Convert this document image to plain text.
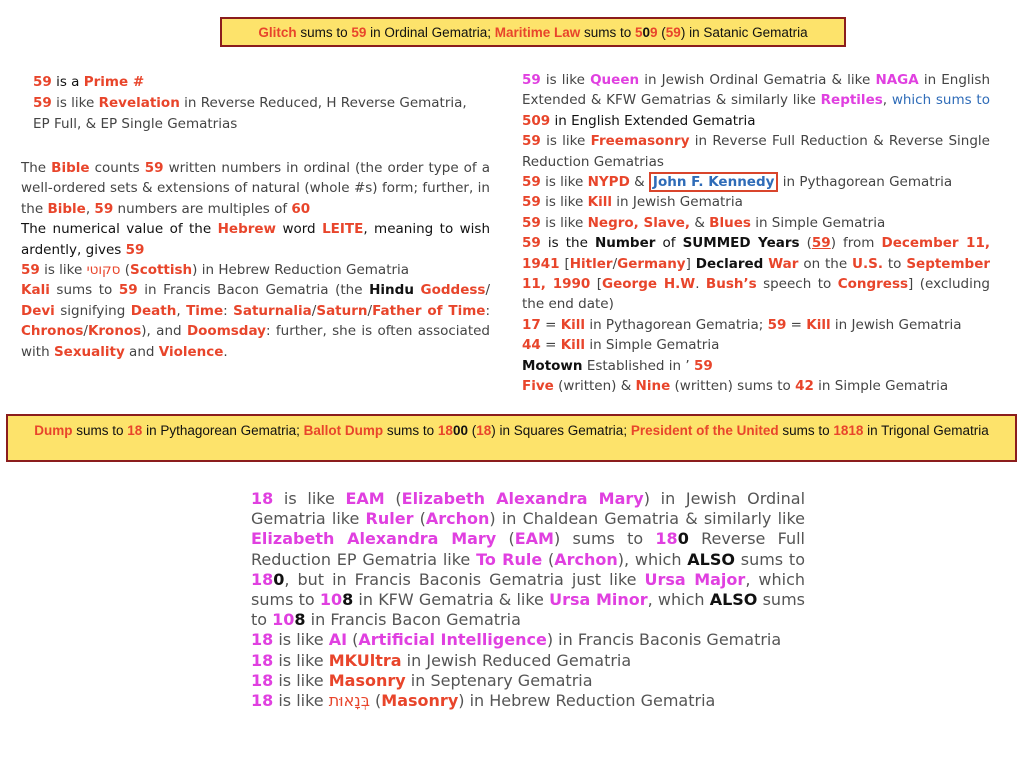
Glitch sums to 59 in Ordinal Gematria; Maritime Law sums to 509 (59) in Satanic Gematria

59 is a Prime #

59 is like Revelation in Reverse Reduced, H Reverse Gematria,

EP Full, & EP Single Gematrias

The Bible counts 59 written numbers in ordinal (the order type of a well-ordered sets & extensions of natural (whole #s) form; further, in the Bible, 59 numbers are multiples of 60

The numerical value of the Hebrew word LEITE, meaning to wish ardently, gives 59

59 is like סקוטי (Scottish) in Hebrew Reduction Gematria

Kali sums to 59 in Francis Bacon Gematria (the Hindu Goddess/ Devi signifying Death, Time: Saturnalia/Saturn/Father of Time: Chronos/Kronos), and Doomsday: further, she is often associated with Sexuality and Violence.

59 is like Queen in Jewish Ordinal Gematria & like NAGA in English Extended & KFW Gematrias & similarly like Reptiles, which sums to 509 in English Extended Gematria

59 is like Freemasonry in Reverse Full Reduction & Reverse Single Reduction Gematrias

59 is like NYPD & John F. Kennedy in Pythagorean Gematria

59 is like Kill in Jewish Gematria

59 is like Negro, Slave, & Blues in Simple Gematria

59 is the Number of SUMMED Years (59) from December 11, 1941 [Hitler/Germany] Declared War on the U.S. to September 11, 1990 [George H.W. Bush’s speech to Congress] (excluding the end date)

17 = Kill in Pythagorean Gematria; 59 = Kill in Jewish Gematria

44 = Kill in Simple Gematria

Motown Established in ’ 59

Five (written) & Nine (written) sums to 42 in Simple Gematria

Dump sums to 18 in Pythagorean Gematria; Ballot Dump sums to 1800 (18) in Squares Gematria; President of the United sums to 1818 in Trigonal Gematria

18 is like EAM (Elizabeth Alexandra Mary) in Jewish Ordinal Gematria like Ruler (Archon) in Chaldean Gematria & similarly like Elizabeth Alexandra Mary (EAM) sums to 180 Reverse Full Reduction EP Gematria like To Rule (Archon), which ALSO sums to 180, but in Francis Baconis Gematria just like Ursa Major, which sums to 108 in KFW Gematria & like Ursa Minor, which ALSO sums to 108 in Francis Bacon Gematria

18 is like AI (Artificial Intelligence) in Francis Baconis Gematria

18 is like MKUltra in Jewish Reduced Gematria

18 is like Masonry in Septenary Gematria

18 is like בְּנָאוּת (Masonry) in Hebrew Reduction Gematria
